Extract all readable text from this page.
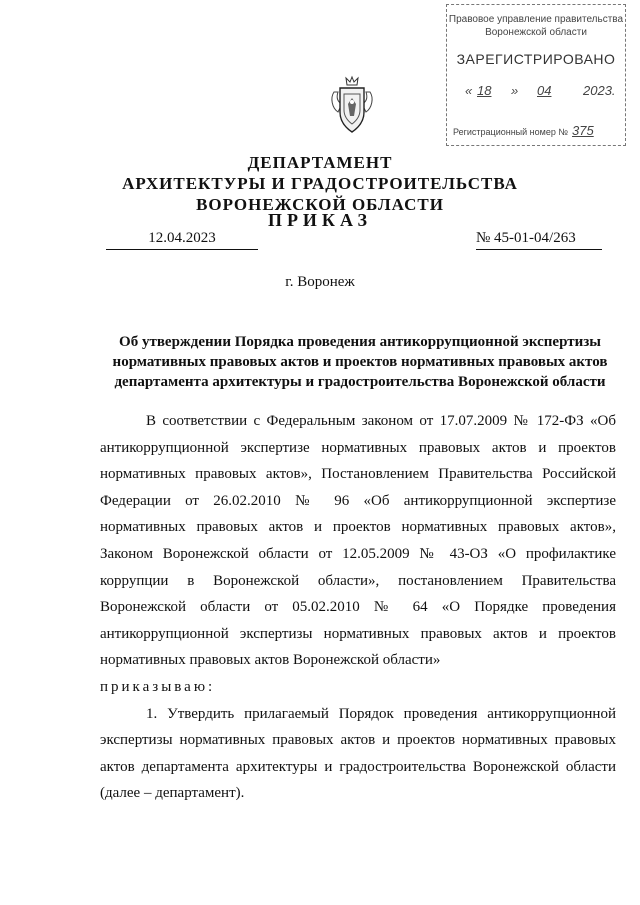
Правовое управление правительства
Воронежской области
ЗАРЕГИСТРИРОВАНО
« 18 » 04 2023.
Регистрационный номер № 375
ДЕПАРТАМЕНТ
АРХИТЕКТУРЫ И ГРАДОСТРОИТЕЛЬСТВА
ВОРОНЕЖСКОЙ ОБЛАСТИ
ПРИКАЗ
12.04.2023	№ 45-01-04/263
г. Воронеж
Об утверждении Порядка проведения антикоррупционной экспертизы нормативных правовых актов и проектов нормативных правовых актов департамента архитектуры и градостроительства Воронежской области

В соответствии с Федеральным законом от 17.07.2009 № 172-ФЗ «Об антикоррупционной экспертизе нормативных правовых актов и проектов нормативных правовых актов», Постановлением Правительства Российской Федерации от 26.02.2010 № 96 «Об антикоррупционной экспертизе нормативных правовых актов и проектов нормативных правовых актов», Законом Воронежской области от 12.05.2009 № 43-ОЗ «О профилактике коррупции в Воронежской области», постановлением Правительства Воронежской области от 05.02.2010 № 64 «О Порядке проведения антикоррупционной экспертизы нормативных правовых актов и проектов нормативных правовых актов Воронежской области»

приказываю:

1. Утвердить прилагаемый Порядок проведения антикоррупционной экспертизы нормативных правовых актов и проектов нормативных правовых актов департамента архитектуры и градостроительства Воронежской области (далее – департамент).
